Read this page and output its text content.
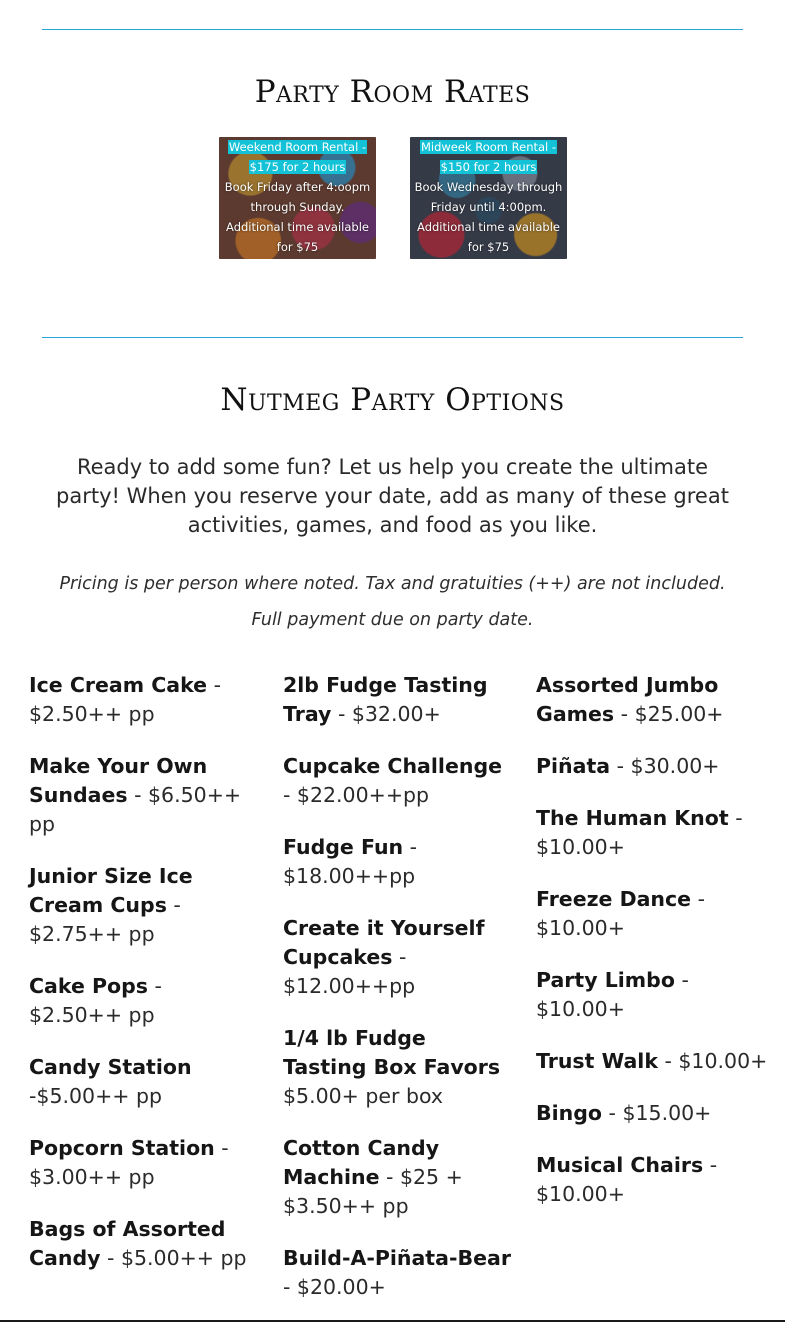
Party Room Rates
Weekend Room Rental - $175 for 2 hours
Book Friday after 4:oopm through Sunday. Additional time available for $75
Midweek Room Rental - $150 for 2 hours
Book Wednesday through Friday until 4:00pm. Additional time available for $75
Nutmeg Party Options

Ready to add some fun? Let us help you create the ultimate party! When you reserve your date, add as many of these great activities, games, and food as you like.

Pricing is per person where noted. Tax and gratuities (++) are not included. Full payment due on party date.

Ice Cream Cake - $2.50++ pp

Make Your Own Sundaes - $6.50++ pp

Junior Size Ice Cream Cups - $2.75++ pp

Cake Pops - $2.50++ pp

Candy Station -$5.00++ pp

Popcorn Station - $3.00++ pp

Bags of Assorted Candy - $5.00++ pp

2lb Fudge Tasting Tray - $32.00+

Cupcake Challenge - $22.00++pp

Fudge Fun - $18.00++pp

Create it Yourself Cupcakes - $12.00++pp

1/4 lb Fudge Tasting Box Favors $5.00+ per box

Cotton Candy Machine - $25 + $3.50++ pp

Build-A-Piñata-Bear - $20.00+

Assorted Jumbo Games - $25.00+

Piñata - $30.00+

The Human Knot - $10.00+

Freeze Dance - $10.00+

Party Limbo - $10.00+

Trust Walk - $10.00+

Bingo - $15.00+

Musical Chairs - $10.00+
